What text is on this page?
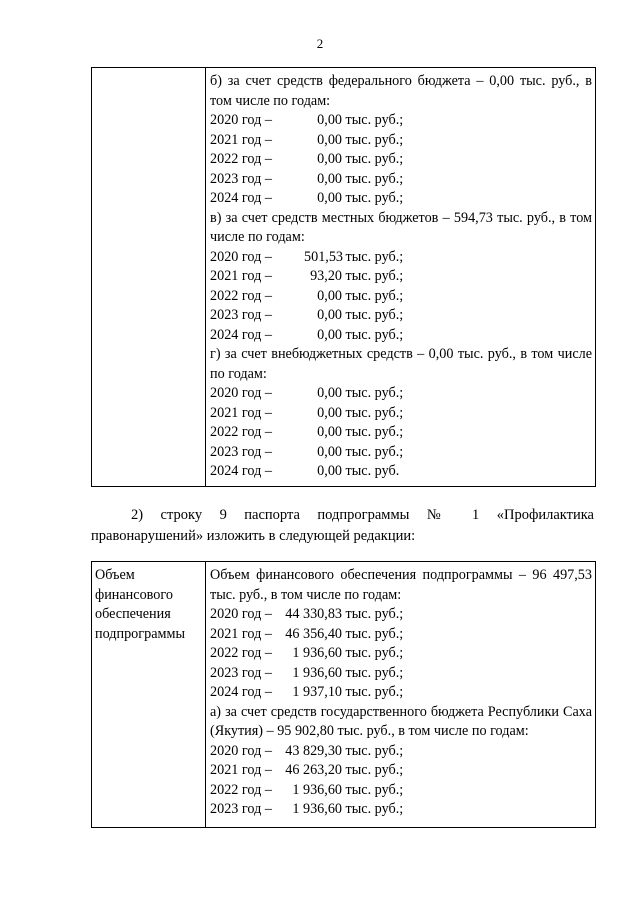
2

б) за счет средств федерального бюджета – 0,00 тыс. руб., в том числе по годам:
2020 год –	0,00 тыс. руб.;
2021 год –	0,00 тыс. руб.;
2022 год –	0,00 тыс. руб.;
2023 год –	0,00 тыс. руб.;
2024 год –	0,00 тыс. руб.;
в) за счет средств местных бюджетов – 594,73 тыс. руб., в том числе по годам:
2020 год – 501,53 тыс. руб.;
2021 год –	93,20 тыс. руб.;
2022 год –	0,00 тыс. руб.;
2023 год –	0,00 тыс. руб.;
2024 год –	0,00 тыс. руб.;
г) за счет внебюджетных средств – 0,00 тыс. руб., в том числе по годам:
2020 год –	0,00 тыс. руб.;
2021 год –	0,00 тыс. руб.;
2022 год –	0,00 тыс. руб.;
2023 год –	0,00 тыс. руб.;
2024 год –	0,00 тыс. руб.
2) строку 9 паспорта подпрограммы № 1 «Профилактика правонарушений» изложить в следующей редакции:
Объем
финансового
обеспечения
подпрограммы

Объем финансового обеспечения подпрограммы – 96 497,53 тыс. руб., в том числе по годам:
2020 год – 44 330,83 тыс. руб.;
2021 год – 46 356,40 тыс. руб.;
2022 год – 1 936,60 тыс. руб.;
2023 год – 1 936,60 тыс. руб.;
2024 год – 1 937,10 тыс. руб.;
а) за счет средств государственного бюджета Республики Саха (Якутия) – 95 902,80 тыс. руб., в том числе по годам:
2020 год – 43 829,30 тыс. руб.;
2021 год – 46 263,20 тыс. руб.;
2022 год – 1 936,60 тыс. руб.;
2023 год – 1 936,60 тыс. руб.;
